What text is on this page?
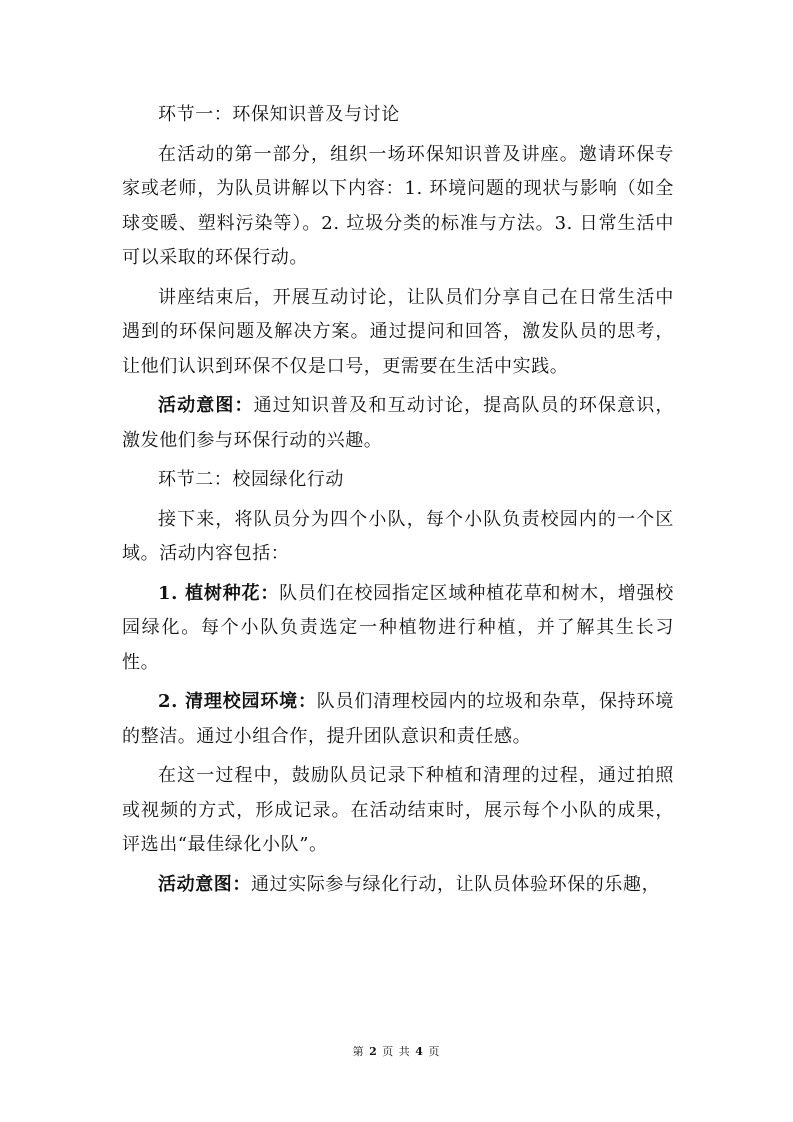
环节一：环保知识普及与讨论

在活动的第一部分，组织一场环保知识普及讲座。邀请环保专家或老师，为队员讲解以下内容：1. 环境问题的现状与影响（如全球变暖、塑料污染等）。2. 垃圾分类的标准与方法。3. 日常生活中可以采取的环保行动。

讲座结束后，开展互动讨论，让队员们分享自己在日常生活中遇到的环保问题及解决方案。通过提问和回答，激发队员的思考，让他们认识到环保不仅是口号，更需要在生活中实践。

活动意图：通过知识普及和互动讨论，提高队员的环保意识，激发他们参与环保行动的兴趣。

环节二：校园绿化行动

接下来，将队员分为四个小队，每个小队负责校园内的一个区域。活动内容包括：

1. 植树种花：队员们在校园指定区域种植花草和树木，增强校园绿化。每个小队负责选定一种植物进行种植，并了解其生长习性。

2. 清理校园环境：队员们清理校园内的垃圾和杂草，保持环境的整洁。通过小组合作，提升团队意识和责任感。

在这一过程中，鼓励队员记录下种植和清理的过程，通过拍照或视频的方式，形成记录。在活动结束时，展示每个小队的成果，评选出“最佳绿化小队”。

活动意图：通过实际参与绿化行动，让队员体验环保的乐趣，

第 2 页 共 4 页
